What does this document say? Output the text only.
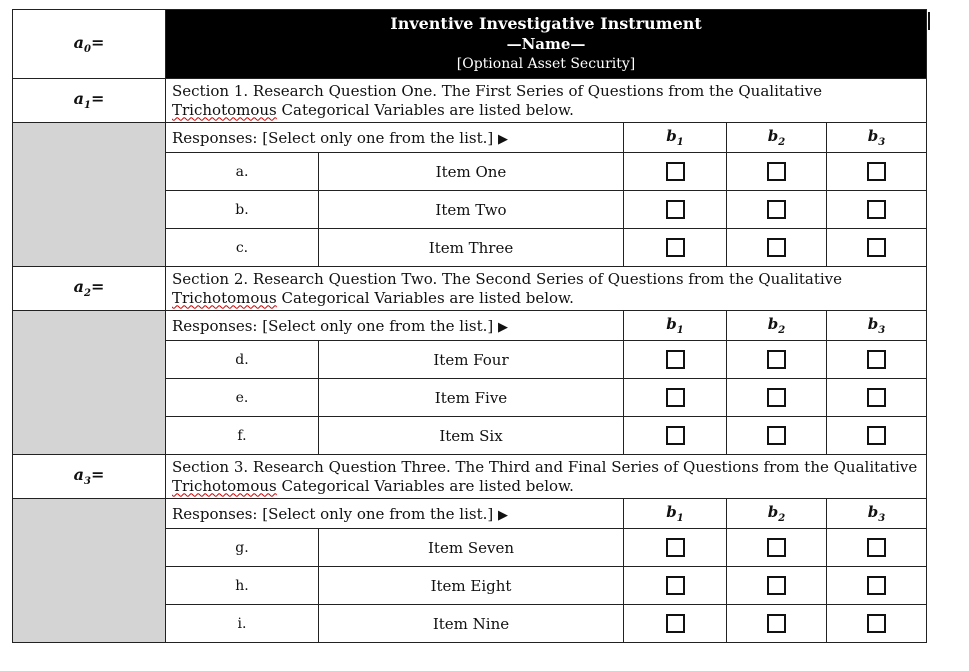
$a_0=$	Inventive Investigative Instrument
—Name—
[Optional Asset Security]				

$a_1=$	Section 1. Research Question One. The First Series of Questions from the Qualitative Trichotomous Categorical Variables are listed below.				
	Responses: [Select only one from the list.] ▶		$b_1$	$b_2$	$b_3$
	a.	Item One			
	b.	Item Two			
	c.	Item Three			
$a_2=$	Section 2. Research Question Two. The Second Series of Questions from the Qualitative Trichotomous Categorical Variables are listed below.				
	Responses: [Select only one from the list.] ▶		$b_1$	$b_2$	$b_3$
	d.	Item Four			
	e.	Item Five			
	f.	Item Six			
$a_3=$	Section 3. Research Question Three. The Third and Final Series of Questions from the Qualitative Trichotomous Categorical Variables are listed below.				
	Responses: [Select only one from the list.] ▶		$b_1$	$b_2$	$b_3$
	g.	Item Seven			
	h.	Item Eight			
	i.	Item Nine			
